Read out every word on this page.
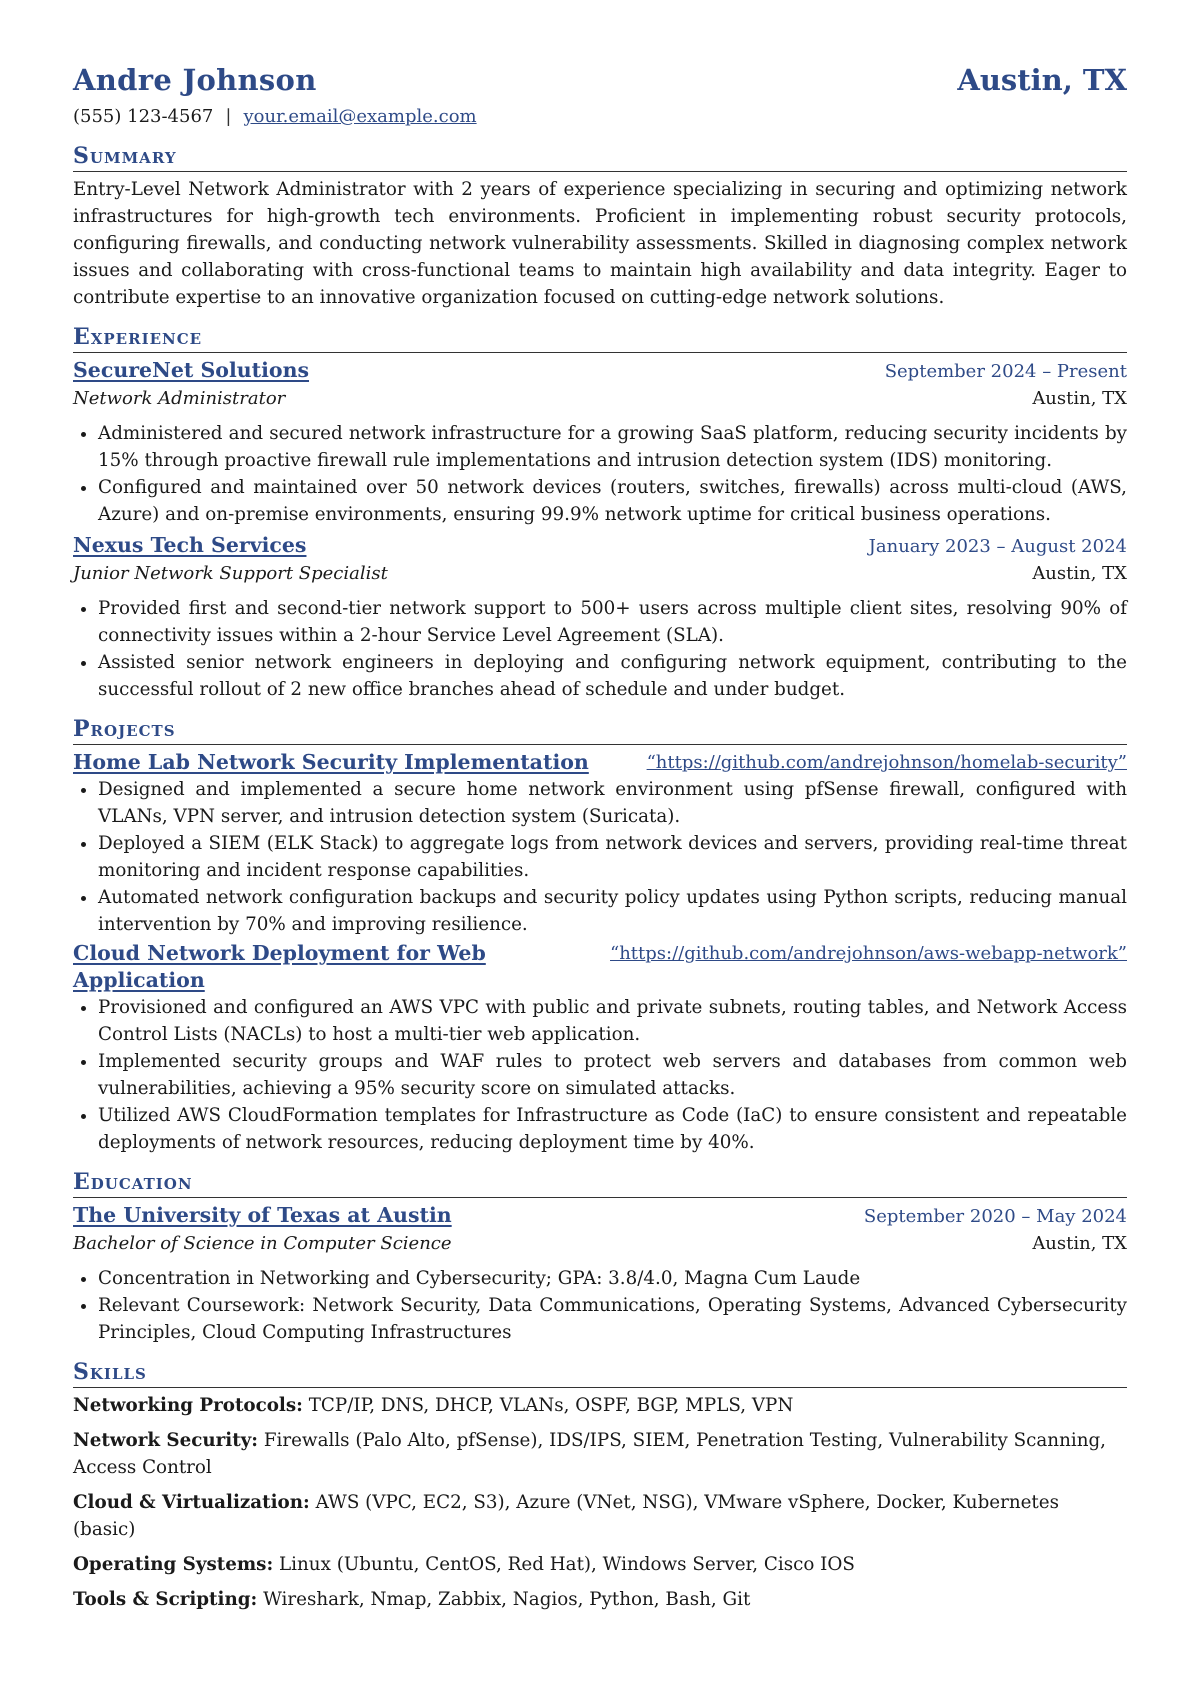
Andre Johnson	Austin, TX
(555) 123-4567 | your.email@example.com
Summary

Entry-Level Network Administrator with 2 years of experience specializing in securing and optimizing network infrastructures for high-growth tech environments. Proficient in implementing robust security protocols, configuring firewalls, and conducting network vulnerability assessments. Skilled in diagnosing complex network issues and collaborating with cross-functional teams to maintain high availability and data integrity. Eager to contribute expertise to an innovative organization focused on cutting-edge network solutions.

Experience
SecureNet Solutions	September 2024 – Present
Network Administrator	Austin, TX
• Administered and secured network infrastructure for a growing SaaS platform, reducing security incidents by 15% through proactive firewall rule implementations and intrusion detection system (IDS) monitoring.
• Configured and maintained over 50 network devices (routers, switches, firewalls) across multi-cloud (AWS, Azure) and on-premise environments, ensuring 99.9% network uptime for critical business operations.
Nexus Tech Services	January 2023 – August 2024
Junior Network Support Specialist	Austin, TX
• Provided first and second-tier network support to 500+ users across multiple client sites, resolving 90% of connectivity issues within a 2-hour Service Level Agreement (SLA).
• Assisted senior network engineers in deploying and configuring network equipment, contributing to the successful rollout of 2 new office branches ahead of schedule and under budget.
Projects
Home Lab Network Security Implementation	“https://github.com/andrejohnson/homelab-security”
• Designed and implemented a secure home network environment using pfSense firewall, configured with VLANs, VPN server, and intrusion detection system (Suricata).
• Deployed a SIEM (ELK Stack) to aggregate logs from network devices and servers, providing real-time threat monitoring and incident response capabilities.
• Automated network configuration backups and security policy updates using Python scripts, reducing manual intervention by 70% and improving resilience.
Cloud Network Deployment for Web Application
“https://github.com/andrejohnson/aws-webapp-network”
• Provisioned and configured an AWS VPC with public and private subnets, routing tables, and Network Access Control Lists (NACLs) to host a multi-tier web application.
• Implemented security groups and WAF rules to protect web servers and databases from common web vulnerabilities, achieving a 95% security score on simulated attacks.
• Utilized AWS CloudFormation templates for Infrastructure as Code (IaC) to ensure consistent and repeatable deployments of network resources, reducing deployment time by 40%.
Education
The University of Texas at Austin	September 2020 – May 2024
Bachelor of Science in Computer Science	Austin, TX
• Concentration in Networking and Cybersecurity; GPA: 3.8/4.0, Magna Cum Laude
• Relevant Coursework: Network Security, Data Communications, Operating Systems, Advanced Cybersecurity Principles, Cloud Computing Infrastructures
Skills

Networking Protocols: TCP/IP, DNS, DHCP, VLANs, OSPF, BGP, MPLS, VPN

Network Security: Firewalls (Palo Alto, pfSense), IDS/IPS, SIEM, Penetration Testing, Vulnerability Scanning, Access Control

Cloud & Virtualization: AWS (VPC, EC2, S3), Azure (VNet, NSG), VMware vSphere, Docker, Kubernetes (basic)

Operating Systems: Linux (Ubuntu, CentOS, Red Hat), Windows Server, Cisco IOS

Tools & Scripting: Wireshark, Nmap, Zabbix, Nagios, Python, Bash, Git
